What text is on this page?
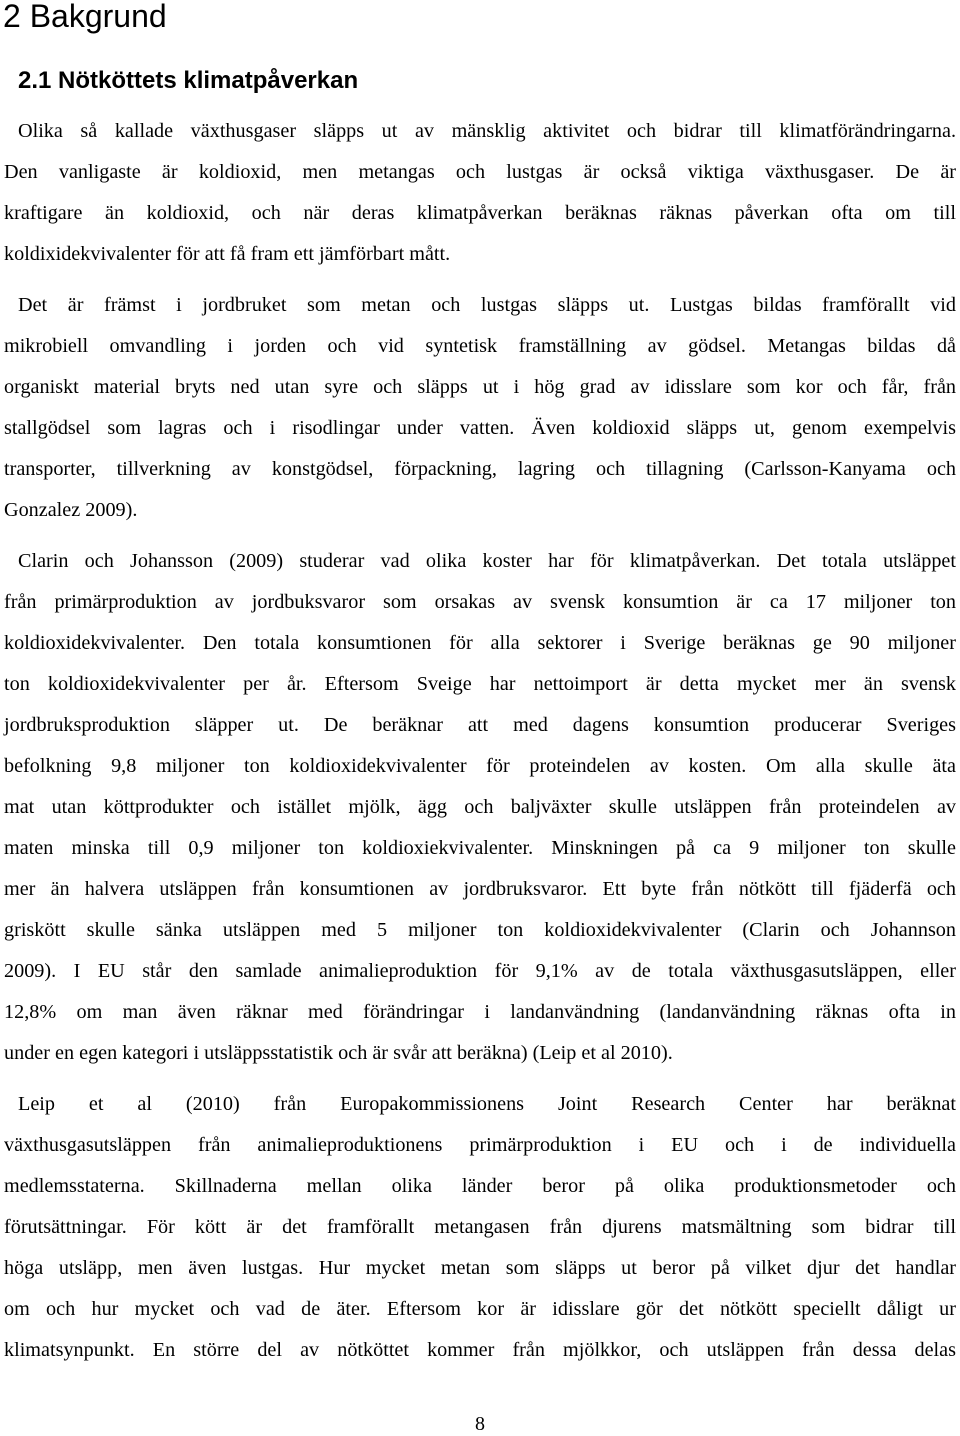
2 Bakgrund
2.1 Nötköttets klimatpåverkan
Olika så kallade växthusgaser släpps ut av mänsklig aktivitet och bidrar till klimatförändringarna.
Den vanligaste är koldioxid, men metangas och lustgas är också viktiga växthusgaser. De är
kraftigare än koldioxid, och när deras klimatpåverkan beräknas räknas påverkan ofta om till
koldixidekvivalenter för att få fram ett jämförbart mått.
Det är främst i jordbruket som metan och lustgas släpps ut. Lustgas bildas framförallt vid
mikrobiell omvandling i jorden och vid syntetisk framställning av gödsel. Metangas bildas då
organiskt material bryts ned utan syre och släpps ut i hög grad av idisslare som kor och får, från
stallgödsel som lagras och i risodlingar under vatten. Även koldioxid släpps ut, genom exempelvis
transporter, tillverkning av konstgödsel, förpackning, lagring och tillagning (Carlsson-Kanyama och
Gonzalez 2009).
Clarin och Johansson (2009) studerar vad olika koster har för klimatpåverkan. Det totala utsläppet
från primärproduktion av jordbuksvaror som orsakas av svensk konsumtion är ca 17 miljoner ton
koldioxidekvivalenter. Den totala konsumtionen för alla sektorer i Sverige beräknas ge 90 miljoner
ton koldioxidekvivalenter per år. Eftersom Sveige har nettoimport är detta mycket mer än svensk
jordbruksproduktion släpper ut. De beräknar att med dagens konsumtion producerar Sveriges
befolkning 9,8 miljoner ton koldioxidekvivalenter för proteindelen av kosten. Om alla skulle äta
mat utan köttprodukter och istället mjölk, ägg och baljväxter skulle utsläppen från proteindelen av
maten minska till 0,9 miljoner ton koldioxiekvivalenter. Minskningen på ca 9 miljoner ton skulle
mer än halvera utsläppen från konsumtionen av jordbruksvaror. Ett byte från nötkött till fjäderfä och
griskött skulle sänka utsläppen med 5 miljoner ton koldioxidekvivalenter (Clarin och Johannson
2009). I EU står den samlade animalieproduktion för 9,1% av de totala växthusgasutsläppen, eller
12,8% om man även räknar med förändringar i landanvändning (landanvändning räknas ofta in
under en egen kategori i utsläppsstatistik och är svår att beräkna) (Leip et al 2010).
Leip et al (2010) från Europakommissionens Joint Research Center har beräknat
växthusgasutsläppen från animalieproduktionens primärproduktion i EU och i de individuella
medlemsstaterna. Skillnaderna mellan olika länder beror på olika produktionsmetoder och
förutsättningar. För kött är det framförallt metangasen från djurens matsmältning som bidrar till
höga utsläpp, men även lustgas. Hur mycket metan som släpps ut beror på vilket djur det handlar
om och hur mycket och vad de äter. Eftersom kor är idisslare gör det nötkött speciellt dåligt ur
klimatsynpunkt. En större del av nötköttet kommer från mjölkkor, och utsläppen från dessa delas
8
